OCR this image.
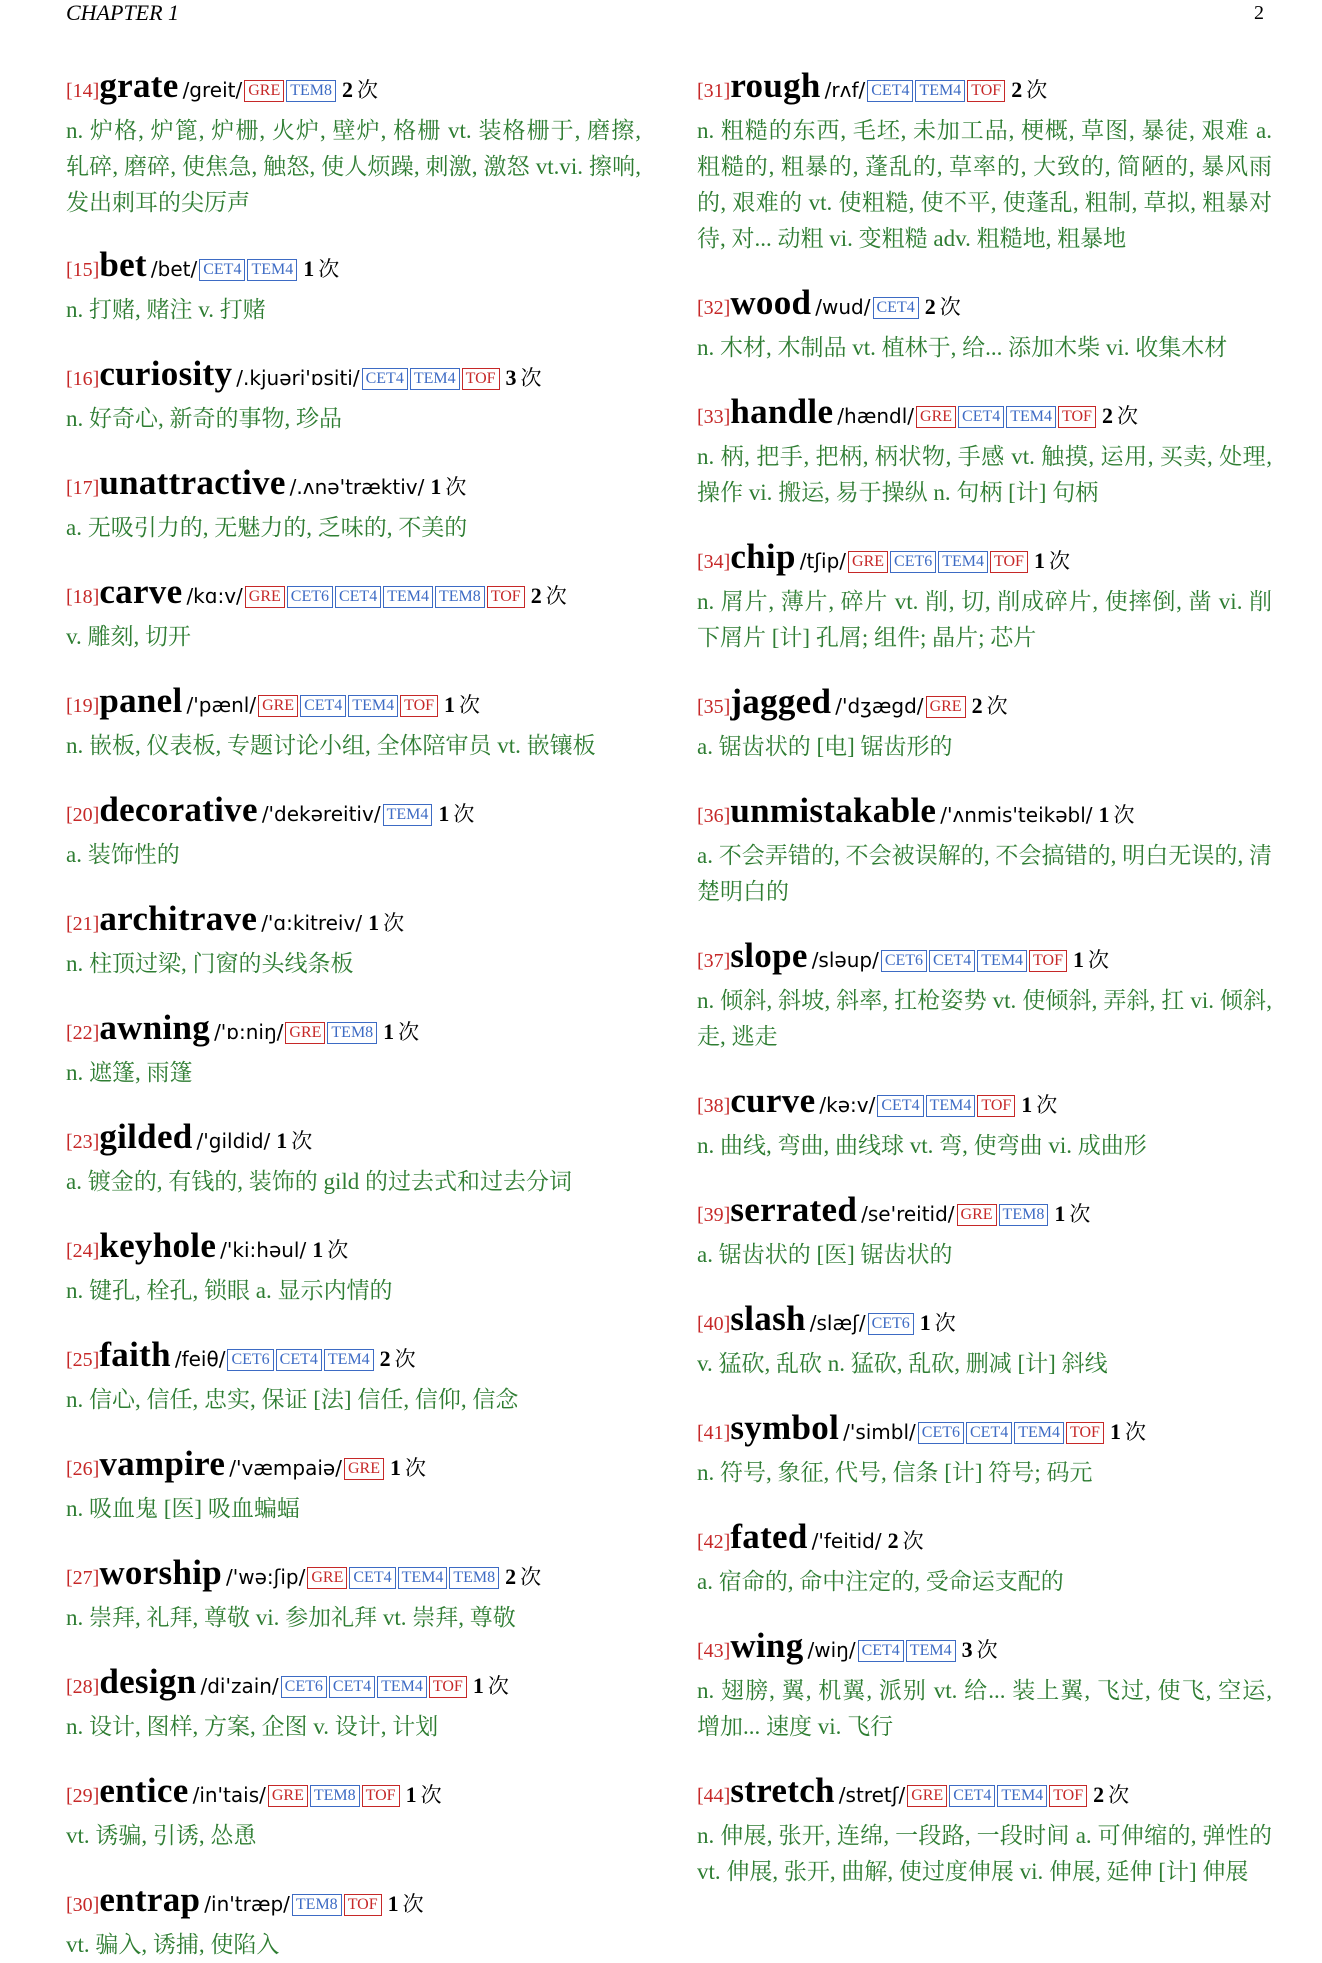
CHAPTER 1	2
[14]grate /greit/ GRE TEM8 2 次

n. 炉格, 炉篦, 炉栅, 火炉, 壁炉, 格栅 vt. 装格栅于, 磨擦, 轧碎, 磨碎, 使焦急, 触怒, 使人烦躁, 刺激, 激怒 vt.vi. 擦响, 发出刺耳的尖厉声

[15]bet /bet/ CET4 TEM4 1 次

n. 打赌, 赌注 v. 打赌

[16]curiosity /.kjuəri'ɒsiti/ CET4 TEM4 TOF 3 次

n. 好奇心, 新奇的事物, 珍品

[17]unattractive /.ʌnə'træktiv/ 1 次

a. 无吸引力的, 无魅力的, 乏味的, 不美的

[18]carve /kɑ:v/ GRE CET6 CET4 TEM4 TEM8 TOF 2 次

v. 雕刻, 切开

[19]panel /'pænl/ GRE CET4 TEM4 TOF 1 次

n. 嵌板, 仪表板, 专题讨论小组, 全体陪审员 vt. 嵌镶板

[20]decorative /'dekəreitiv/ TEM4 1 次

a. 装饰性的

[21]architrave /'ɑ:kitreiv/ 1 次

n. 柱顶过梁, 门窗的头线条板

[22]awning /'ɒ:niŋ/ GRE TEM8 1 次

n. 遮篷, 雨篷

[23]gilded /'gildid/ 1 次

a. 镀金的, 有钱的, 装饰的 gild 的过去式和过去分词

[24]keyhole /'ki:həul/ 1 次

n. 键孔, 栓孔, 锁眼 a. 显示内情的

[25]faith /feiθ/ CET6 CET4 TEM4 2 次

n. 信心, 信任, 忠实, 保证 [法] 信任, 信仰, 信念

[26]vampire /'væmpaiə/ GRE 1 次

n. 吸血鬼 [医] 吸血蝙蝠

[27]worship /'wə:ʃip/ GRE CET4 TEM4 TEM8 2 次

n. 崇拜, 礼拜, 尊敬 vi. 参加礼拜 vt. 崇拜, 尊敬

[28]design /di'zain/ CET6 CET4 TEM4 TOF 1 次

n. 设计, 图样, 方案, 企图 v. 设计, 计划

[29]entice /in'tais/ GRE TEM8 TOF 1 次

vt. 诱骗, 引诱, 怂恿

[30]entrap /in'træp/ TEM8 TOF 1 次

vt. 骗入, 诱捕, 使陷入

[31]rough /rʌf/ CET4 TEM4 TOF 2 次

n. 粗糙的东西, 毛坯, 未加工品, 梗概, 草图, 暴徒, 艰难 a. 粗糙的, 粗暴的, 蓬乱的, 草率的, 大致的, 简陋的, 暴风雨的, 艰难的 vt. 使粗糙, 使不平, 使蓬乱, 粗制, 草拟, 粗暴对待, 对... 动粗 vi. 变粗糙 adv. 粗糙地, 粗暴地

[32]wood /wud/ CET4 2 次

n. 木材, 木制品 vt. 植林于, 给... 添加木柴 vi. 收集木材

[33]handle /hændl/ GRE CET4 TEM4 TOF 2 次

n. 柄, 把手, 把柄, 柄状物, 手感 vt. 触摸, 运用, 买卖, 处理, 操作 vi. 搬运, 易于操纵 n. 句柄 [计] 句柄

[34]chip /tʃip/ GRE CET6 TEM4 TOF 1 次

n. 屑片, 薄片, 碎片 vt. 削, 切, 削成碎片, 使摔倒, 凿 vi. 削下屑片 [计] 孔屑; 组件; 晶片; 芯片

[35]jagged /'dʒægd/ GRE 2 次

a. 锯齿状的 [电] 锯齿形的

[36]unmistakable /'ʌnmis'teikəbl/ 1 次

a. 不会弄错的, 不会被误解的, 不会搞错的, 明白无误的, 清楚明白的

[37]slope /sləup/ CET6 CET4 TEM4 TOF 1 次

n. 倾斜, 斜坡, 斜率, 扛枪姿势 vt. 使倾斜, 弄斜, 扛 vi. 倾斜, 走, 逃走

[38]curve /kə:v/ CET4 TEM4 TOF 1 次

n. 曲线, 弯曲, 曲线球 vt. 弯, 使弯曲 vi. 成曲形

[39]serrated /se'reitid/ GRE TEM8 1 次

a. 锯齿状的 [医] 锯齿状的

[40]slash /slæʃ/ CET6 1 次

v. 猛砍, 乱砍 n. 猛砍, 乱砍, 删减 [计] 斜线

[41]symbol /'simbl/ CET6 CET4 TEM4 TOF 1 次

n. 符号, 象征, 代号, 信条 [计] 符号; 码元

[42]fated /'feitid/ 2 次

a. 宿命的, 命中注定的, 受命运支配的

[43]wing /wiŋ/ CET4 TEM4 3 次

n. 翅膀, 翼, 机翼, 派别 vt. 给... 装上翼, 飞过, 使飞, 空运, 增加... 速度 vi. 飞行

[44]stretch /stretʃ/ GRE CET4 TEM4 TOF 2 次

n. 伸展, 张开, 连绵, 一段路, 一段时间 a. 可伸缩的, 弹性的 vt. 伸展, 张开, 曲解, 使过度伸展 vi. 伸展, 延伸 [计] 伸展
